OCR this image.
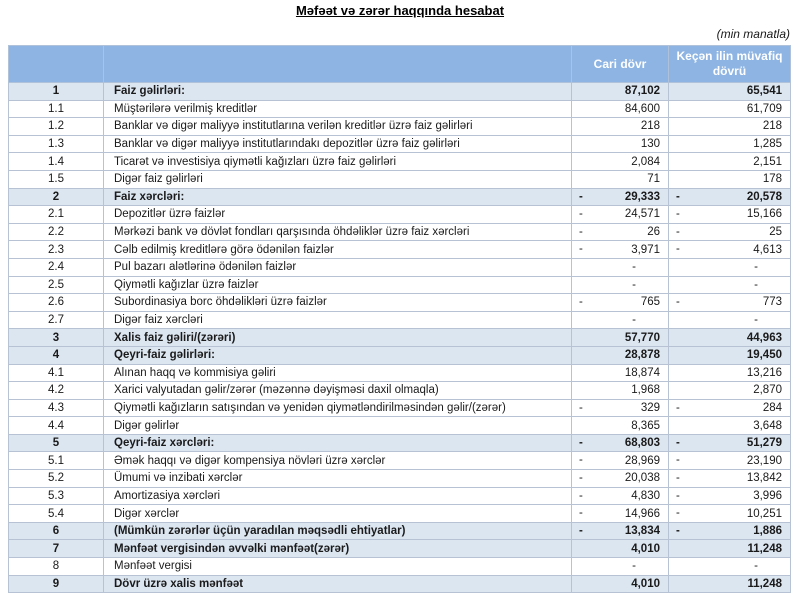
Məfəət və zərər haqqında hesabat
(min manatla)
		Cari dövr	Keçən ilin müvafiq dövrü
1	Faiz gəlirləri:	87,102	65,541
1.1	Müştərilərə verilmiş kreditlər	84,600	61,709
1.2	Banklar və digər maliyyə institutlarına verilən kreditlər üzrə faiz gəlirləri	218	218
1.3	Banklar və digər maliyyə institutlarındakı depozitlər üzrə faiz gəlirləri	130	1,285
1.4	Ticarət və investisiya qiymətli kağızları üzrə faiz gəlirləri	2,084	2,151
1.5	Digər faiz gəlirləri	71	178
2	Faiz xərcləri:	- 29,333	- 20,578
2.1	Depozitlər üzrə faizlər	- 24,571	- 15,166
2.2	Mərkəzi bank və dövlət fondları qarşısında öhdəliklər üzrə faiz xərcləri	- 26	- 25
2.3	Cəlb edilmiş kreditlərə görə ödənilən faizlər	- 3,971	- 4,613
2.4	Pul bazarı alətlərinə ödənilən faizlər	-	-
2.5	Qiymətli kağızlar üzrə faizlər	-	-
2.6	Subordinasiya borc öhdəlikləri üzrə faizlər	- 765	- 773
2.7	Digər faiz xərcləri	-	-
3	Xalis faiz gəliri/(zərəri)	57,770	44,963
4	Qeyri-faiz gəlirləri:	28,878	19,450
4.1	Alınan haqq və kommisiya gəliri	18,874	13,216
4.2	Xarici valyutadan gəlir/zərər (məzənnə dəyişməsi daxil olmaqla)	1,968	2,870
4.3	Qiymətli kağızların satışından və yenidən qiymətləndirilməsindən gəlir/(zərər)	- 329	- 284
4.4	Digər gəlirlər	8,365	3,648
5	Qeyri-faiz xərcləri:	- 68,803	- 51,279
5.1	Əmək haqqı və digər kompensiya növləri üzrə xərclər	- 28,969	- 23,190
5.2	Ümumi və inzibati xərclər	- 20,038	- 13,842
5.3	Amortizasiya xərcləri	- 4,830	- 3,996
5.4	Digər xərclər	- 14,966	- 10,251
6	(Mümkün zərərlər üçün yaradılan məqsədli ehtiyatlar)	- 13,834	- 1,886
7	Mənfəət vergisindən əvvəlki mənfəət(zərər)	4,010	11,248
8	Mənfəət vergisi	-	-
9	Dövr üzrə xalis mənfəət	4,010	11,248
